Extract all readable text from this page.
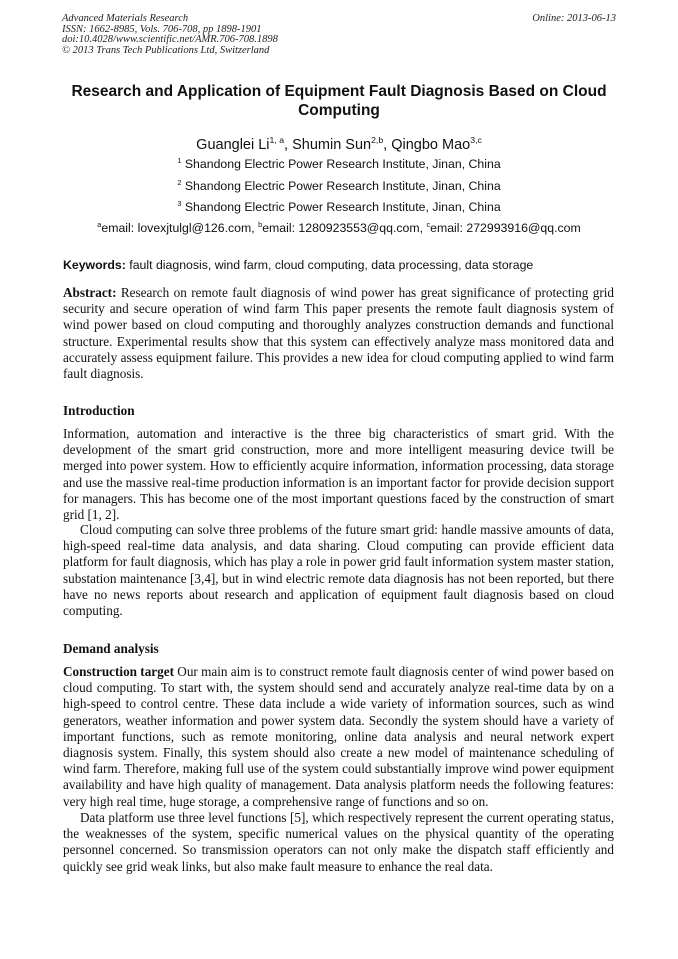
Advanced Materials Research
ISSN: 1662-8985, Vols. 706-708, pp 1898-1901
doi:10.4028/www.scientific.net/AMR.706-708.1898
© 2013 Trans Tech Publications Ltd, Switzerland
Online: 2013-06-13
Research and Application of Equipment Fault Diagnosis Based on Cloud Computing
Guanglei Li$^{1, a}$, Shumin Sun$^{2,b}$, Qingbo Mao$^{3,c}$
$^1$ Shandong Electric Power Research Institute, Jinan, China
$^2$ Shandong Electric Power Research Institute, Jinan, China
$^3$ Shandong Electric Power Research Institute, Jinan, China
$^a$email: lovexjtulgl@126.com, $^b$email: 1280923553@qq.com, $^c$email: 272993916@qq.com
Keywords: fault diagnosis, wind farm, cloud computing, data processing, data storage
Abstract: Research on remote fault diagnosis of wind power has great significance of protecting grid security and secure operation of wind farm This paper presents the remote fault diagnosis system of wind power based on cloud computing and thoroughly analyzes construction demands and functional structure. Experimental results show that this system can effectively analyze mass monitored data and accurately assess equipment failure. This provides a new idea for cloud computing applied to wind farm fault diagnosis.
Introduction
Information, automation and interactive is the three big characteristics of smart grid. With the development of the smart grid construction, more and more intelligent measuring device twill be merged into power system. How to efficiently acquire information, information processing, data storage and use the massive real-time production information is an important factor for provide decision support for managers. This has become one of the most important questions faced by the construction of smart grid [1, 2].
Cloud computing can solve three problems of the future smart grid: handle massive amounts of data, high-speed real-time data analysis, and data sharing. Cloud computing can provide efficient data platform for fault diagnosis, which has play a role in power grid fault information system master station, substation maintenance [3,4], but in wind electric remote data diagnosis has not been reported, but there have no news reports about research and application of equipment fault diagnosis based on cloud computing.
Demand analysis
Construction target Our main aim is to construct remote fault diagnosis center of wind power based on cloud computing. To start with, the system should send and accurately analyze real-time data by on a high-speed to control centre. These data include a wide variety of information sources, such as wind generators, weather information and power system data. Secondly the system should have a variety of important functions, such as remote monitoring, online data analysis and neural network expert diagnosis system. Finally, this system should also create a new model of maintenance scheduling of wind farm. Therefore, making full use of the system could substantially improve wind power equipment availability and have high quality of management. Data analysis platform needs the following features: very high real time, huge storage, a comprehensive range of functions and so on.
Data platform use three level functions [5], which respectively represent the current operating status, the weaknesses of the system, specific numerical values on the physical quantity of the operating personnel concerned. So transmission operators can not only make the dispatch staff efficiently and quickly see grid weak links, but also make fault measure to enhance the real data.
